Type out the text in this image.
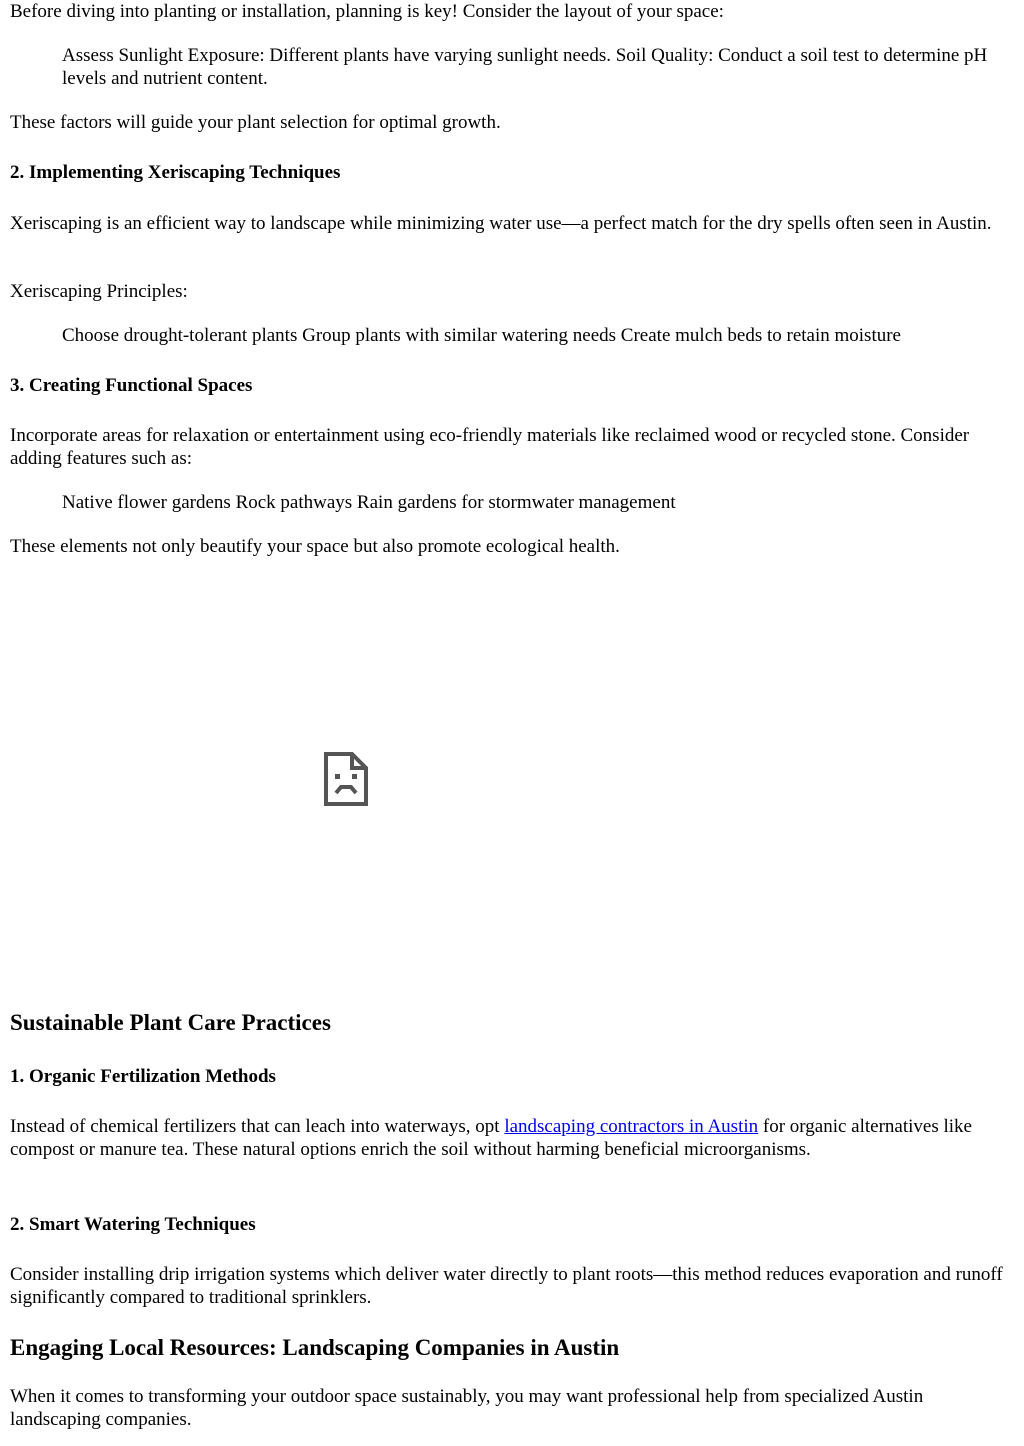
Before diving into planting or installation, planning is key! Consider the layout of your space:

Assess Sunlight Exposure: Different plants have varying sunlight needs. Soil Quality: Conduct a soil test to determine pH levels and nutrient content.

These factors will guide your plant selection for optimal growth.

2. Implementing Xeriscaping Techniques

Xeriscaping is an efficient way to landscape while minimizing water use—a perfect match for the dry spells often seen in Austin.

Xeriscaping Principles:

Choose drought-tolerant plants Group plants with similar watering needs Create mulch beds to retain moisture

3. Creating Functional Spaces

Incorporate areas for relaxation or entertainment using eco-friendly materials like reclaimed wood or recycled stone. Consider adding features such as:

Native flower gardens Rock pathways Rain gardens for stormwater management

These elements not only beautify your space but also promote ecological health.

Sustainable Plant Care Practices
1. Organic Fertilization Methods

Instead of chemical fertilizers that can leach into waterways, opt landscaping contractors in Austin for organic alternatives like compost or manure tea. These natural options enrich the soil without harming beneficial microorganisms.

2. Smart Watering Techniques

Consider installing drip irrigation systems which deliver water directly to plant roots—this method reduces evaporation and runoff significantly compared to traditional sprinklers.

Engaging Local Resources: Landscaping Companies in Austin

When it comes to transforming your outdoor space sustainably, you may want professional help from specialized Austin landscaping companies.
